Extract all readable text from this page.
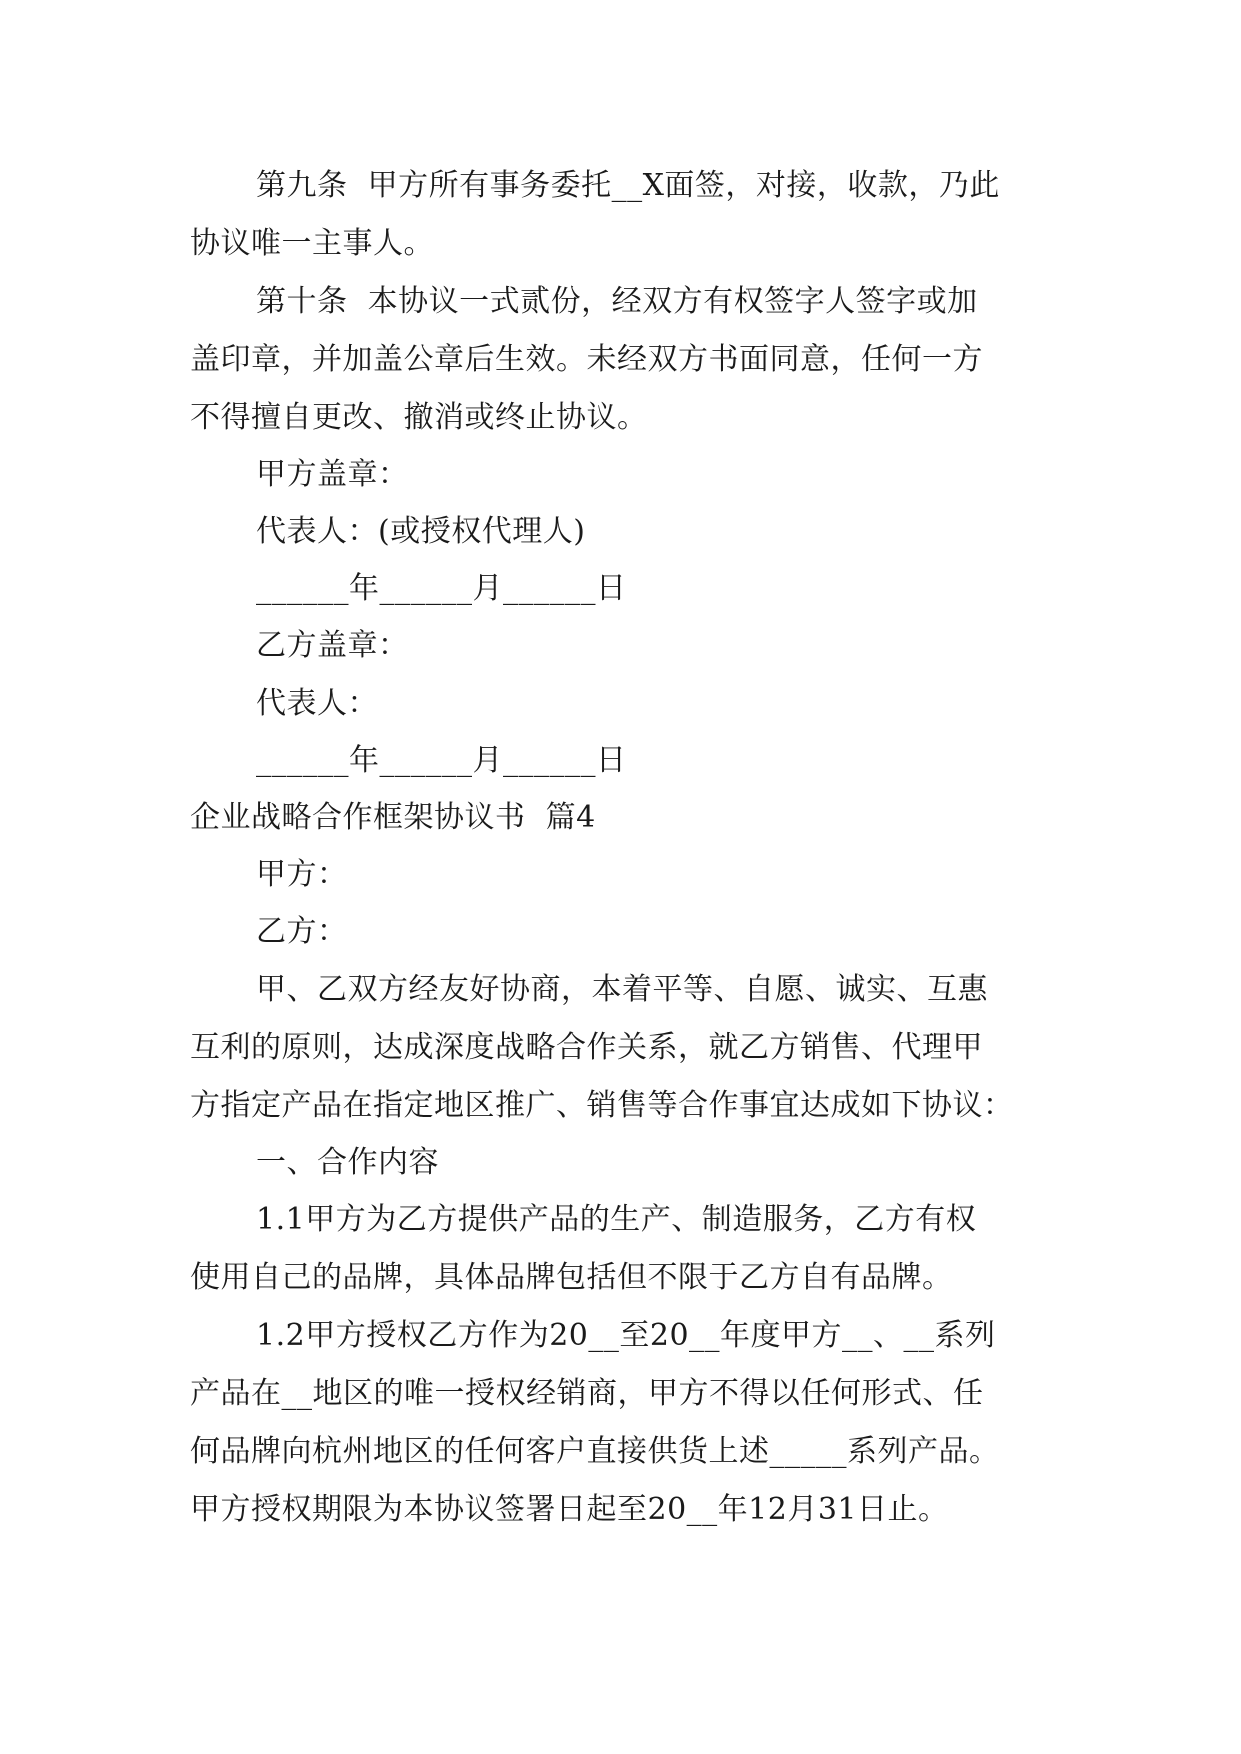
第九条  甲方所有事务委托__X面签，对接，收款，乃此
协议唯一主事人。
第十条  本协议一式贰份，经双方有权签字人签字或加
盖印章，并加盖公章后生效。未经双方书面同意，任何一方
不得擅自更改、撤消或终止协议。
甲方盖章：
代表人：(或授权代理人)
______年______月______日
乙方盖章：
代表人：
______年______月______日
企业战略合作框架协议书  篇4
甲方：
乙方：
甲、乙双方经友好协商，本着平等、自愿、诚实、互惠
互利的原则，达成深度战略合作关系，就乙方销售、代理甲
方指定产品在指定地区推广、销售等合作事宜达成如下协议：
一、合作内容
1.1甲方为乙方提供产品的生产、制造服务，乙方有权
使用自己的品牌，具体品牌包括但不限于乙方自有品牌。
1.2甲方授权乙方作为20__至20__年度甲方__、__系列
产品在__地区的唯一授权经销商，甲方不得以任何形式、任
何品牌向杭州地区的任何客户直接供货上述_____系列产品。
甲方授权期限为本协议签署日起至20__年12月31日止。
